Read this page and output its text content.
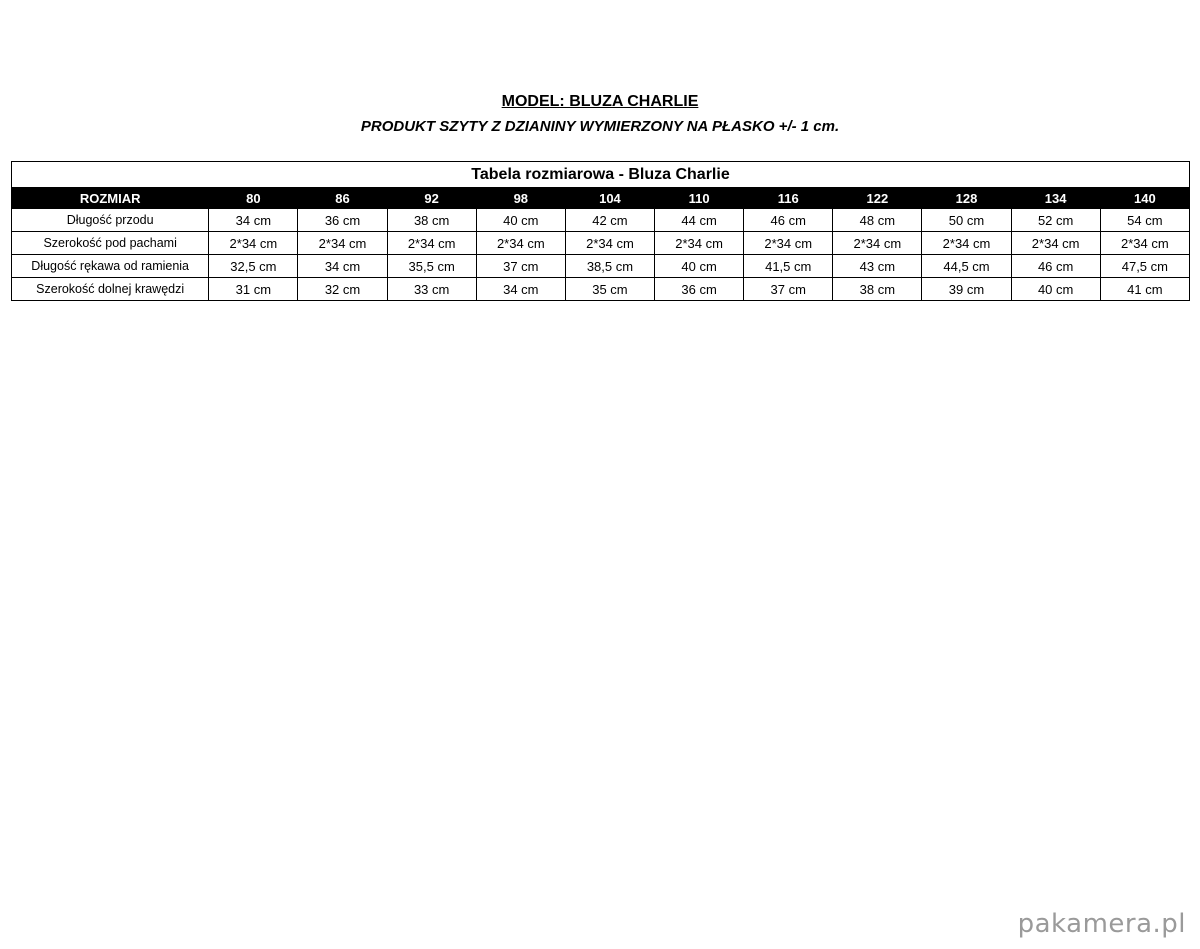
MODEL: BLUZA CHARLIE
PRODUKT SZYTY Z DZIANINY WYMIERZONY NA PŁASKO +/- 1 cm.
Tabela rozmiarowa - Bluza Charlie											
ROZMIAR	80	86	92	98	104	110	116	122	128	134	140
Długość przodu	34 cm	36 cm	38 cm	40 cm	42 cm	44 cm	46 cm	48 cm	50 cm	52 cm	54 cm
Szerokość pod pachami	2*34 cm	2*34 cm	2*34 cm	2*34 cm	2*34 cm	2*34 cm	2*34 cm	2*34 cm	2*34 cm	2*34 cm	2*34 cm
Długość rękawa od ramienia	32,5 cm	34 cm	35,5 cm	37 cm	38,5 cm	40 cm	41,5 cm	43 cm	44,5 cm	46 cm	47,5 cm
Szerokość dolnej krawędzi	31 cm	32 cm	33 cm	34 cm	35 cm	36 cm	37 cm	38 cm	39 cm	40 cm	41 cm
pakamera.pl
